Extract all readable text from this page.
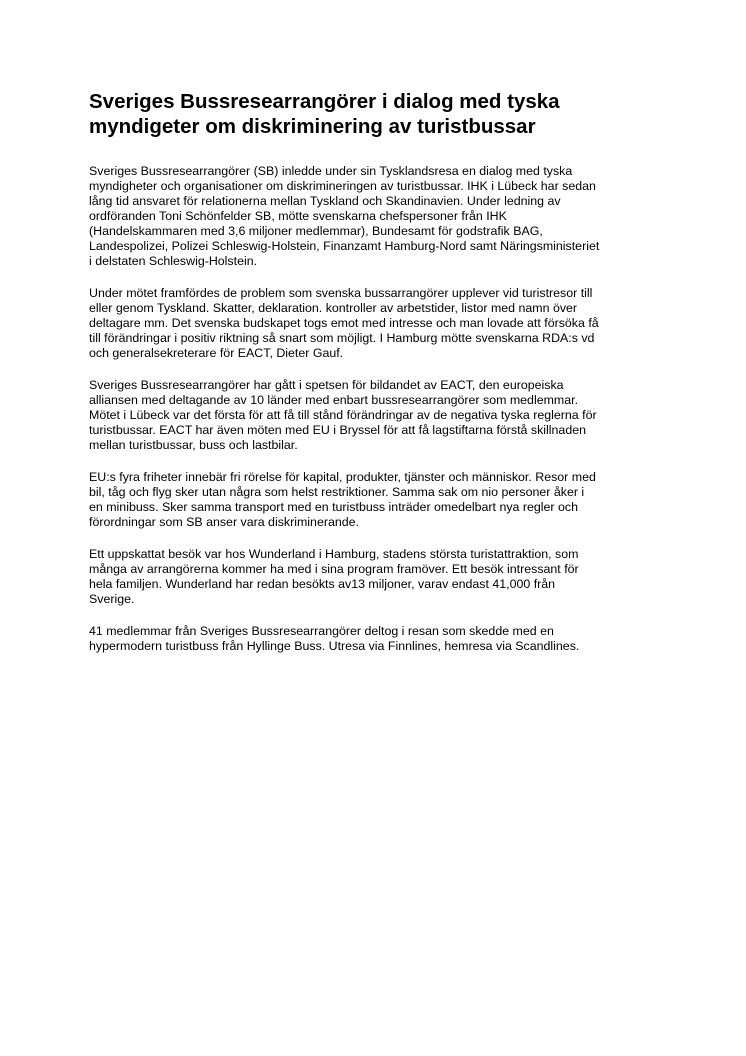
Sveriges Bussresearrangörer i dialog med tyska
myndigeter om diskriminering av turistbussar
Sveriges Bussresearrangörer (SB) inledde under sin Tysklandsresa en dialog med tyska
myndigheter och organisationer om diskrimineringen av turistbussar. IHK i Lübeck har sedan
lång tid ansvaret för relationerna mellan Tyskland och Skandinavien. Under ledning av
ordföranden Toni Schönfelder SB, mötte svenskarna chefspersoner från IHK
(Handelskammaren med 3,6 miljoner medlemmar), Bundesamt för godstrafik BAG,
Landespolizei, Polizei Schleswig-Holstein, Finanzamt Hamburg-Nord samt Näringsministeriet
i delstaten Schleswig-Holstein.
Under mötet framfördes de problem som svenska bussarrangörer upplever vid turistresor till
eller genom Tyskland. Skatter, deklaration. kontroller av arbetstider, listor med namn över
deltagare mm. Det svenska budskapet togs emot med intresse och man lovade att försöka få
till förändringar i positiv riktning så snart som möjligt. I Hamburg mötte svenskarna RDA:s vd
och generalsekreterare för EACT, Dieter Gauf.
Sveriges Bussresearrangörer har gått i spetsen för bildandet av EACT, den europeiska
alliansen med deltagande av 10 länder med enbart bussresearrangörer som medlemmar.
Mötet i Lübeck var det första för att få till stånd förändringar av de negativa tyska reglerna för
turistbussar. EACT har även möten med EU i Bryssel för att få lagstiftarna förstå skillnaden
mellan turistbussar, buss och lastbilar.
EU:s fyra friheter innebär fri rörelse för kapital, produkter, tjänster och människor. Resor med
bil, tåg och flyg sker utan några som helst restriktioner. Samma sak om nio personer åker i
en minibuss. Sker samma transport med en turistbuss inträder omedelbart nya regler och
förordningar som SB anser vara diskriminerande.
Ett uppskattat besök var hos Wunderland i Hamburg, stadens största turistattraktion, som
många av arrangörerna kommer ha med i sina program framöver. Ett besök intressant för
hela familjen. Wunderland har redan besökts av13 miljoner, varav endast 41,000 från
Sverige.
41 medlemmar från Sveriges Bussresearrangörer deltog i resan som skedde med en
hypermodern turistbuss från Hyllinge Buss. Utresa via Finnlines, hemresa via Scandlines.
